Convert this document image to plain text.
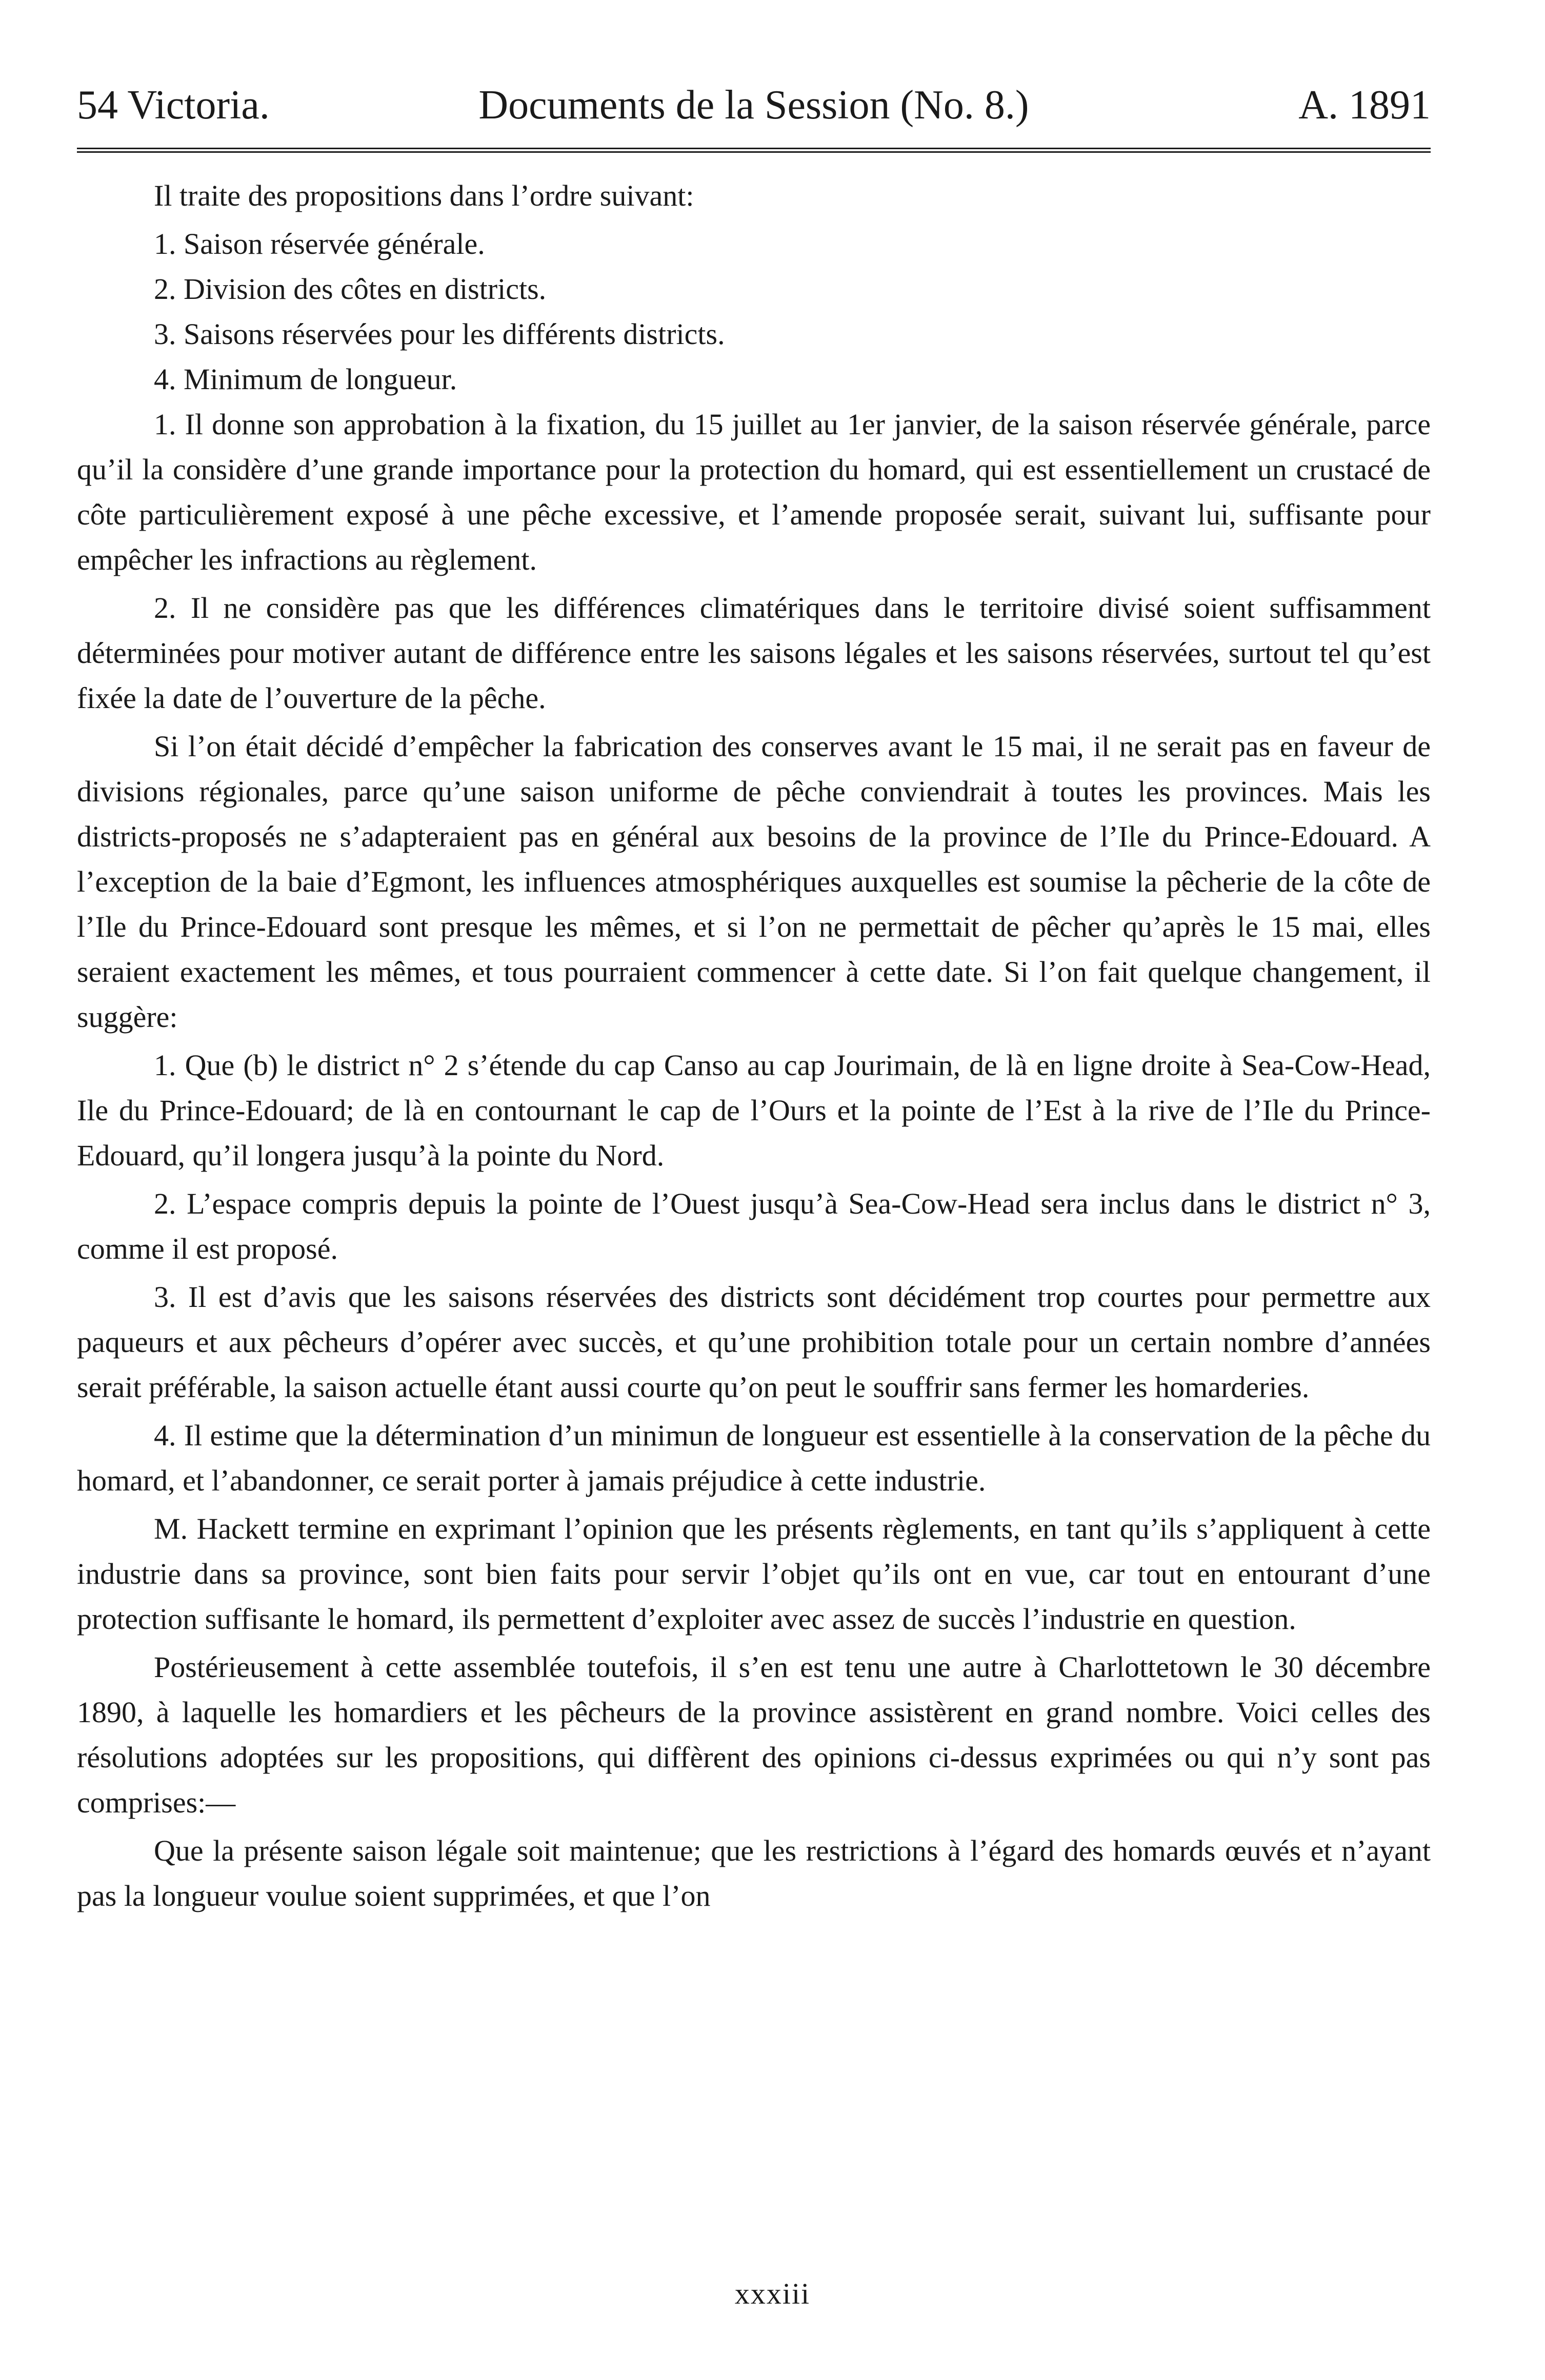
54 Victoria.	Documents de la Session (No. 8.)	A. 1891

Il traite des propositions dans l’ordre suivant:

1. Saison réservée générale.

2. Division des côtes en districts.

3. Saisons réservées pour les différents districts.

4. Minimum de longueur.

1. Il donne son approbation à la fixation, du 15 juillet au 1er janvier, de la saison réservée générale, parce qu’il la considère d’une grande importance pour la protection du homard, qui est essentiellement un crustacé de côte particulièrement exposé à une pêche excessive, et l’amende proposée serait, suivant lui, suffisante pour empêcher les infractions au règlement.

2. Il ne considère pas que les différences climatériques dans le territoire divisé soient suffisamment déterminées pour motiver autant de différence entre les saisons légales et les saisons réservées, surtout tel qu’est fixée la date de l’ouverture de la pêche.

Si l’on était décidé d’empêcher la fabrication des conserves avant le 15 mai, il ne serait pas en faveur de divisions régionales, parce qu’une saison uniforme de pêche conviendrait à toutes les provinces. Mais les districts-proposés ne s’adapteraient pas en général aux besoins de la province de l’Ile du Prince-Edouard. A l’exception de la baie d’Egmont, les influences atmosphériques auxquelles est soumise la pêcherie de la côte de l’Ile du Prince-Edouard sont presque les mêmes, et si l’on ne permettait de pêcher qu’après le 15 mai, elles seraient exactement les mêmes, et tous pourraient commencer à cette date. Si l’on fait quelque changement, il suggère:

1. Que (b) le district n° 2 s’étende du cap Canso au cap Jourimain, de là en ligne droite à Sea-Cow-Head, Ile du Prince-Edouard; de là en contournant le cap de l’Ours et la pointe de l’Est à la rive de l’Ile du Prince-Edouard, qu’il longera jusqu’à la pointe du Nord.

2. L’espace compris depuis la pointe de l’Ouest jusqu’à Sea-Cow-Head sera inclus dans le district n° 3, comme il est proposé.

3. Il est d’avis que les saisons réservées des districts sont décidément trop courtes pour permettre aux paqueurs et aux pêcheurs d’opérer avec succès, et qu’une prohibition totale pour un certain nombre d’années serait préférable, la saison actuelle étant aussi courte qu’on peut le souffrir sans fermer les homarderies.

4. Il estime que la détermination d’un minimun de longueur est essentielle à la conservation de la pêche du homard, et l’abandonner, ce serait porter à jamais préjudice à cette industrie.

M. Hackett termine en exprimant l’opinion que les présents règlements, en tant qu’ils s’appliquent à cette industrie dans sa province, sont bien faits pour servir l’objet qu’ils ont en vue, car tout en entourant d’une protection suffisante le homard, ils permettent d’exploiter avec assez de succès l’industrie en question.

Postérieusement à cette assemblée toutefois, il s’en est tenu une autre à Charlottetown le 30 décembre 1890, à laquelle les homardiers et les pêcheurs de la province assistèrent en grand nombre. Voici celles des résolutions adoptées sur les propositions, qui diffèrent des opinions ci-dessus exprimées ou qui n’y sont pas comprises:—

Que la présente saison légale soit maintenue; que les restrictions à l’égard des homards œuvés et n’ayant pas la longueur voulue soient supprimées, et que l’on

xxxiii
